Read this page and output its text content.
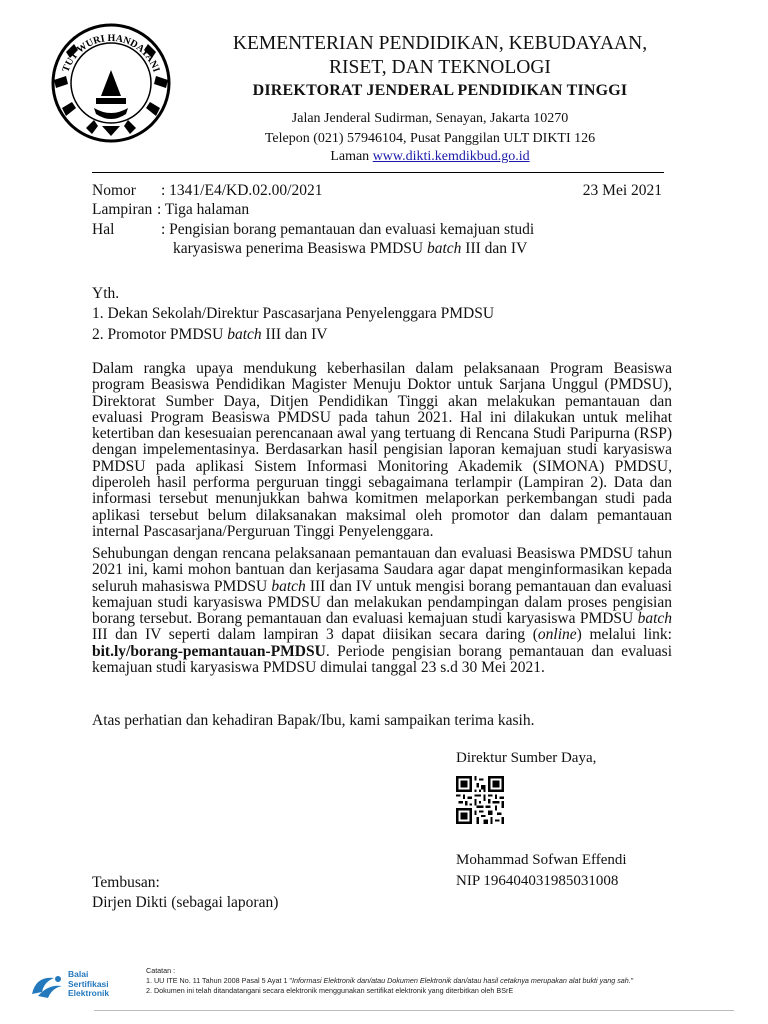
TUT WURI HANDAYANI
KEMENTERIAN PENDIDIKAN, KEBUDAYAAN,
RISET, DAN TEKNOLOGI
DIREKTORAT JENDERAL PENDIDIKAN TINGGI
Jalan Jenderal Sudirman, Senayan, Jakarta 10270
Telepon (021) 57946104, Pusat Panggilan ULT DIKTI 126
Laman www.dikti.kemdikbud.go.id
Nomor : 1341/E4/KD.02.00/2021	23 Mei 2021
Lampiran : Tiga halaman
Hal	: Pengisian borang pemantauan dan evaluasi kemajuan studi
karyasiswa penerima Beasiswa PMDSU batch III dan IV
Yth.
1. Dekan Sekolah/Direktur Pascasarjana Penyelenggara PMDSU
2. Promotor PMDSU batch III dan IV
Dalam rangka upaya mendukung keberhasilan dalam pelaksanaan Program Beasiswa program Beasiswa Pendidikan Magister Menuju Doktor untuk Sarjana Unggul (PMDSU), Direktorat Sumber Daya, Ditjen Pendidikan Tinggi akan melakukan pemantauan dan evaluasi Program Beasiswa PMDSU pada tahun 2021. Hal ini dilakukan untuk melihat ketertiban dan kesesuaian perencanaan awal yang tertuang di Rencana Studi Paripurna (RSP) dengan impelementasinya. Berdasarkan hasil pengisian laporan kemajuan studi karyasiswa PMDSU pada aplikasi Sistem Informasi Monitoring Akademik (SIMONA) PMDSU, diperoleh hasil performa perguruan tinggi sebagaimana terlampir (Lampiran 2). Data dan informasi tersebut menunjukkan bahwa komitmen melaporkan perkembangan studi pada aplikasi tersebut belum dilaksanakan maksimal oleh promotor dan dalam pemantauan internal Pascasarjana/Perguruan Tinggi Penyelenggara.
Sehubungan dengan rencana pelaksanaan pemantauan dan evaluasi Beasiswa PMDSU tahun 2021 ini, kami mohon bantuan dan kerjasama Saudara agar dapat menginformasikan kepada seluruh mahasiswa PMDSU batch III dan IV untuk mengisi borang pemantauan dan evaluasi kemajuan studi karyasiswa PMDSU dan melakukan pendampingan dalam proses pengisian borang tersebut. Borang pemantauan dan evaluasi kemajuan studi karyasiswa PMDSU batch III dan IV seperti dalam lampiran 3 dapat diisikan secara daring (online) melalui link: bit.ly/borang-pemantauan-PMDSU. Periode pengisian borang pemantauan dan evaluasi kemajuan studi karyasiswa PMDSU dimulai tanggal 23 s.d 30 Mei 2021.
Atas perhatian dan kehadiran Bapak/Ibu, kami sampaikan terima kasih.
Direktur Sumber Daya,
Mohammad Sofwan Effendi
NIP 196404031985031008
Tembusan:
Dirjen Dikti (sebagai laporan)
Balai
Sertifikasi
Elektronik
Catatan :
1. UU ITE No. 11 Tahun 2008 Pasal 5 Ayat 1 "Informasi Elektronik dan/atau Dokumen Elektronik dan/atau hasil cetaknya merupakan alat bukti yang sah."
2. Dokumen ini telah ditandatangani secara elektronik menggunakan sertifikat elektronik yang diterbitkan oleh BSrE
